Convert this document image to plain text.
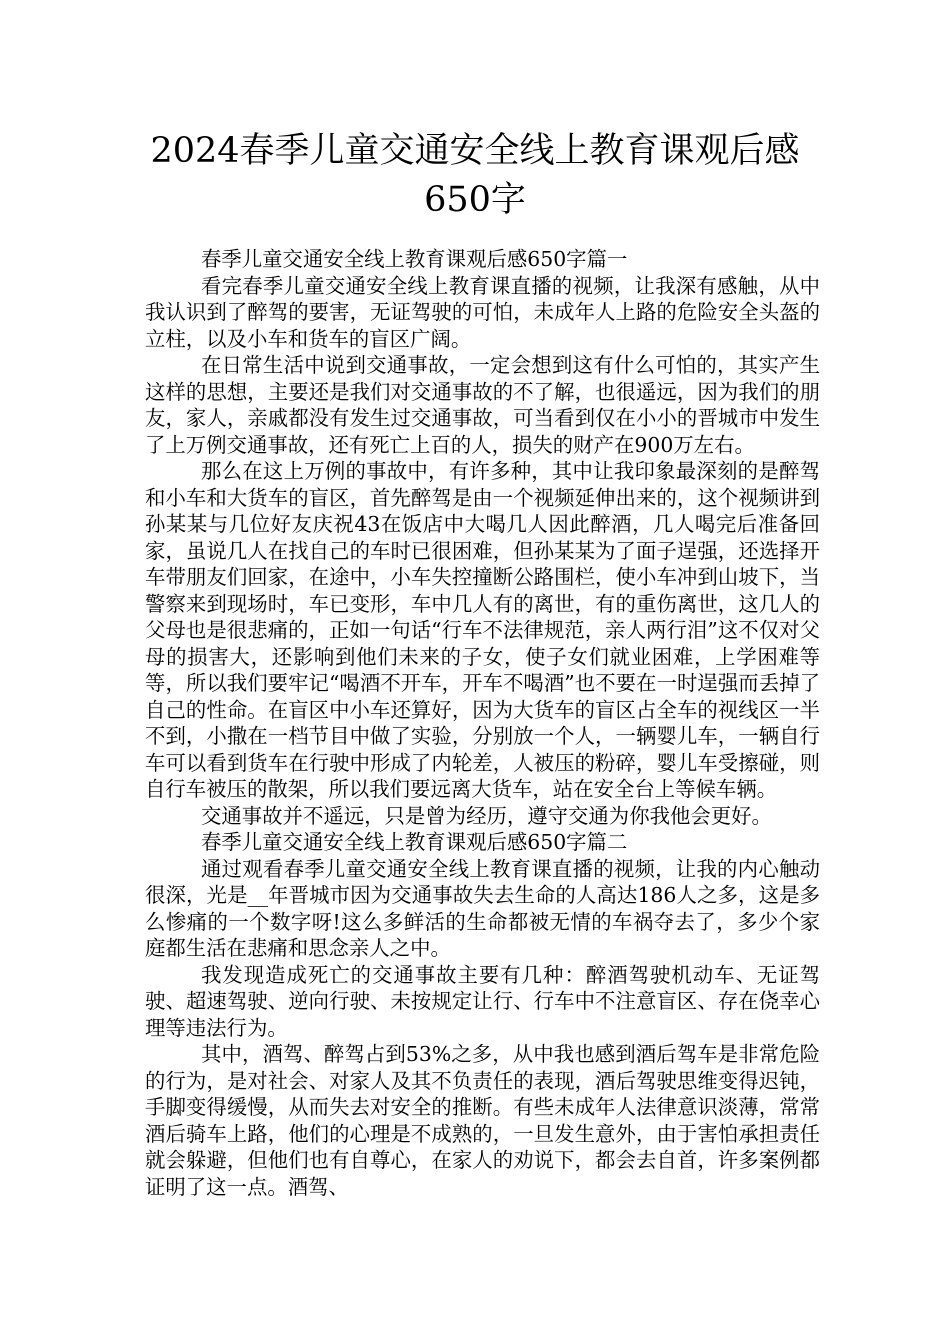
2024春季儿童交通安全线上教育课观后感
650字

春季儿童交通安全线上教育课观后感650字篇一

看完春季儿童交通安全线上教育课直播的视频，让我深有感触，从中我认识到了醉驾的要害，无证驾驶的可怕，未成年人上路的危险安全头盔的立柱，以及小车和货车的盲区广阔。

在日常生活中说到交通事故，一定会想到这有什么可怕的，其实产生这样的思想，主要还是我们对交通事故的不了解，也很遥远，因为我们的朋友，家人，亲戚都没有发生过交通事故，可当看到仅在小小的晋城市中发生了上万例交通事故，还有死亡上百的人，损失的财产在900万左右。

那么在这上万例的事故中，有许多种，其中让我印象最深刻的是醉驾和小车和大货车的盲区，首先醉驾是由一个视频延伸出来的，这个视频讲到孙某某与几位好友庆祝43在饭店中大喝几人因此醉酒，几人喝完后准备回家，虽说几人在找自己的车时已很困难，但孙某某为了面子逞强，还选择开车带朋友们回家，在途中，小车失控撞断公路围栏，使小车冲到山坡下，当警察来到现场时，车已变形，车中几人有的离世，有的重伤离世，这几人的父母也是很悲痛的，正如一句话“行车不法律规范，亲人两行泪”这不仅对父母的损害大，还影响到他们未来的子女，使子女们就业困难，上学困难等等，所以我们要牢记“喝酒不开车，开车不喝酒”也不要在一时逞强而丢掉了自己的性命。在盲区中小车还算好，因为大货车的盲区占全车的视线区一半不到，小撒在一档节目中做了实验，分别放一个人，一辆婴儿车，一辆自行车可以看到货车在行驶中形成了内轮差，人被压的粉碎，婴儿车受擦碰，则自行车被压的散架，所以我们要远离大货车，站在安全台上等候车辆。

交通事故并不遥远，只是曾为经历，遵守交通为你我他会更好。

春季儿童交通安全线上教育课观后感650字篇二

通过观看春季儿童交通安全线上教育课直播的视频，让我的内心触动很深，光是__年晋城市因为交通事故失去生命的人高达186人之多，这是多么惨痛的一个数字呀!这么多鲜活的生命都被无情的车祸夺去了，多少个家庭都生活在悲痛和思念亲人之中。

我发现造成死亡的交通事故主要有几种：醉酒驾驶机动车、无证驾驶、超速驾驶、逆向行驶、未按规定让行、行车中不注意盲区、存在侥幸心理等违法行为。

其中，酒驾、醉驾占到53%之多，从中我也感到酒后驾车是非常危险的行为，是对社会、对家人及其不负责任的表现，酒后驾驶思维变得迟钝，手脚变得缓慢，从而失去对安全的推断。有些未成年人法律意识淡薄，常常酒后骑车上路，他们的心理是不成熟的，一旦发生意外，由于害怕承担责任就会躲避，但他们也有自尊心，在家人的劝说下，都会去自首，许多案例都证明了这一点。酒驾、
